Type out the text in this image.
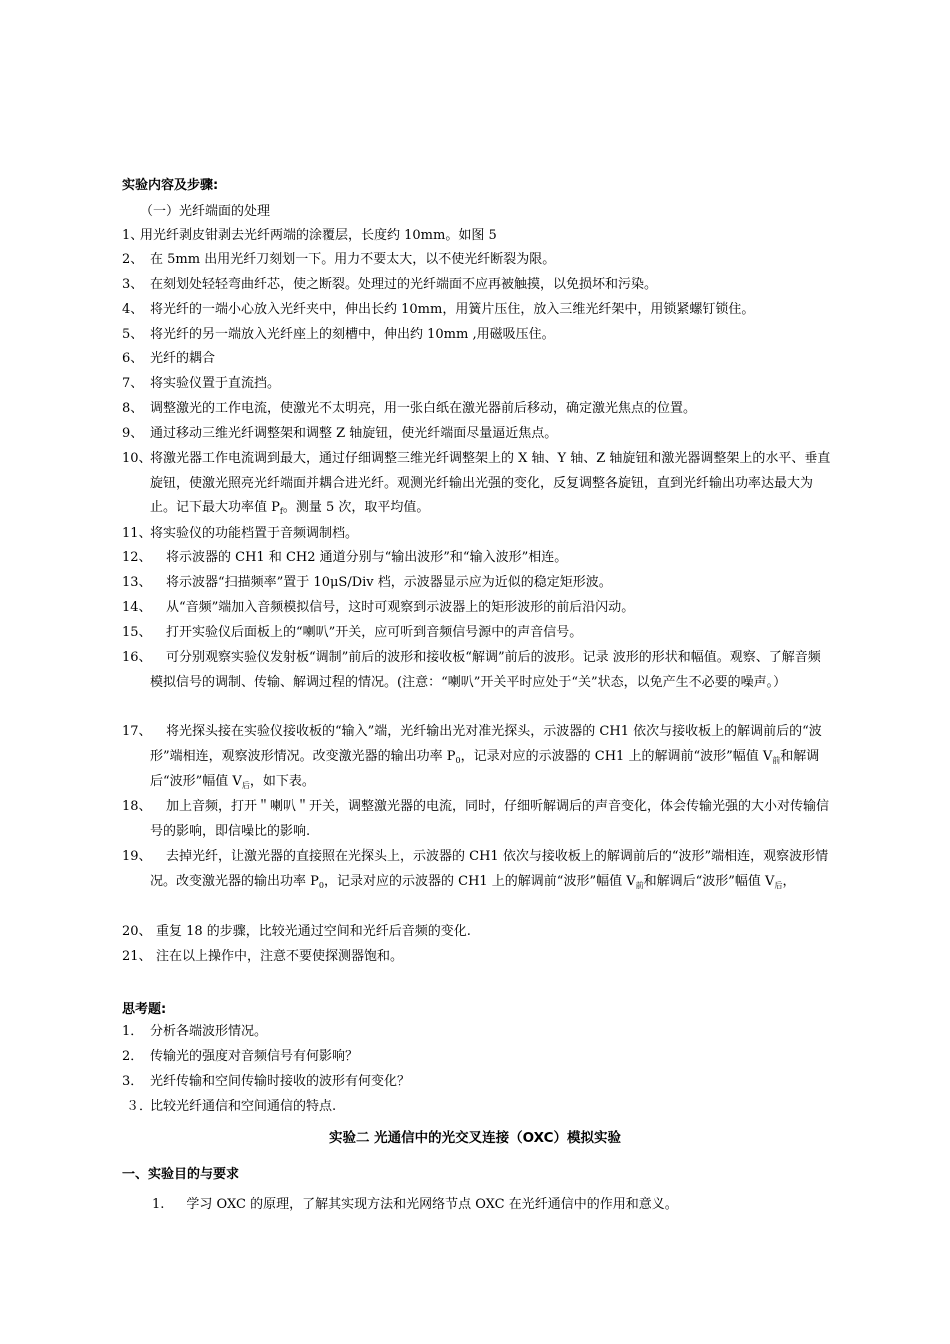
实验内容及步骤:
（一）光纤端面的处理
1、
用光纤剥皮钳剥去光纤两端的涂覆层，长度约 10mm。如图 5
2、 在 5mm 出用光纤刀刻划一下。用力不要太大，以不使光纤断裂为限。
3、 在刻划处轻轻弯曲纤芯，使之断裂。处理过的光纤端面不应再被触摸，以免损坏和污染。
4、 将光纤的一端小心放入光纤夹中，伸出长约 10mm，用簧片压住，放入三维光纤架中，用锁紧螺钉锁住。
5、 将光纤的另一端放入光纤座上的刻槽中，伸出约 10mm ,用磁吸压住。
6、 光纤的耦合
7、 将实验仪置于直流挡。
8、 调整激光的工作电流，使激光不太明亮，用一张白纸在激光器前后移动，确定激光焦点的位置。
9、 通过移动三维光纤调整架和调整 Z 轴旋钮，使光纤端面尽量逼近焦点。
10、
将激光器工作电流调到最大，通过仔细调整三维光纤调整架上的 X 轴、Y 轴、Z 轴旋钮和激光器调整架上的水平、垂直旋钮，使激光照亮光纤端面并耦合进光纤。观测光纤输出光强的变化，反复调整各旋钮，直到光纤输出功率达最大为止。记下最大功率值 $P_f$。测量 5 次，取平均值。
11、
将实验仪的功能档置于音频调制档。
12、	将示波器的 CH1 和 CH2 通道分别与“输出波形”和“输入波形”相连。
13、	将示波器“扫描频率”置于 10μS/Div 档，示波器显示应为近似的稳定矩形波。
14、	从“音频”端加入音频模拟信号，这时可观察到示波器上的矩形波形的前后沿闪动。
15、	打开实验仪后面板上的“喇叭”开关，应可听到音频信号源中的声音信号。
16、	可分别观察实验仪发射板“调制”前后的波形和接收板“解调”前后的波形。记录 波形的形状和幅值。观察、了解音频模拟信号的调制、传输、解调过程的情况。(注意：“喇叭”开关平时应处于“关”状态，以免产生不必要的噪声。）
17、	将光探头接在实验仪接收板的“输入”端，光纤输出光对准光探头，示波器的 CH1 依次与接收板上的解调前后的“波形”端相连，观察波形情况。改变激光器的输出功率 $P_0$，记录对应的示波器的 CH1 上的解调前“波形”幅值 $V_前$和解调后“波形”幅值 $V_后$，如下表。
18、	加上音频，打开＂喇叭＂开关，调整激光器的电流，同时，仔细听解调后的声音变化，体会传输光强的大小对传输信号的影响，即信噪比的影响.
19、	去掉光纤，让激光器的直接照在光探头上，示波器的 CH1 依次与接收板上的解调前后的“波形”端相连，观察波形情况。改变激光器的输出功率 $P_0$，记录对应的示波器的 CH1 上的解调前“波形”幅值 $V_前$和解调后“波形”幅值 $V_后$，
20、 重复 18 的步骤，比较光通过空间和光纤后音频的变化.
21、 注在以上操作中，注意不要使探测器饱和。
思考题:
1． 分析各端波形情况。
2． 传输光的强度对音频信号有何影响？
3． 光纤传输和空间传输时接收的波形有何变化？
３．
比较光纤通信和空间通信的特点.
实验二 光通信中的光交叉连接（OXC）模拟实验
一、实验目的与要求
1. 学习 OXC 的原理，了解其实现方法和光网络节点 OXC 在光纤通信中的作用和意义。
